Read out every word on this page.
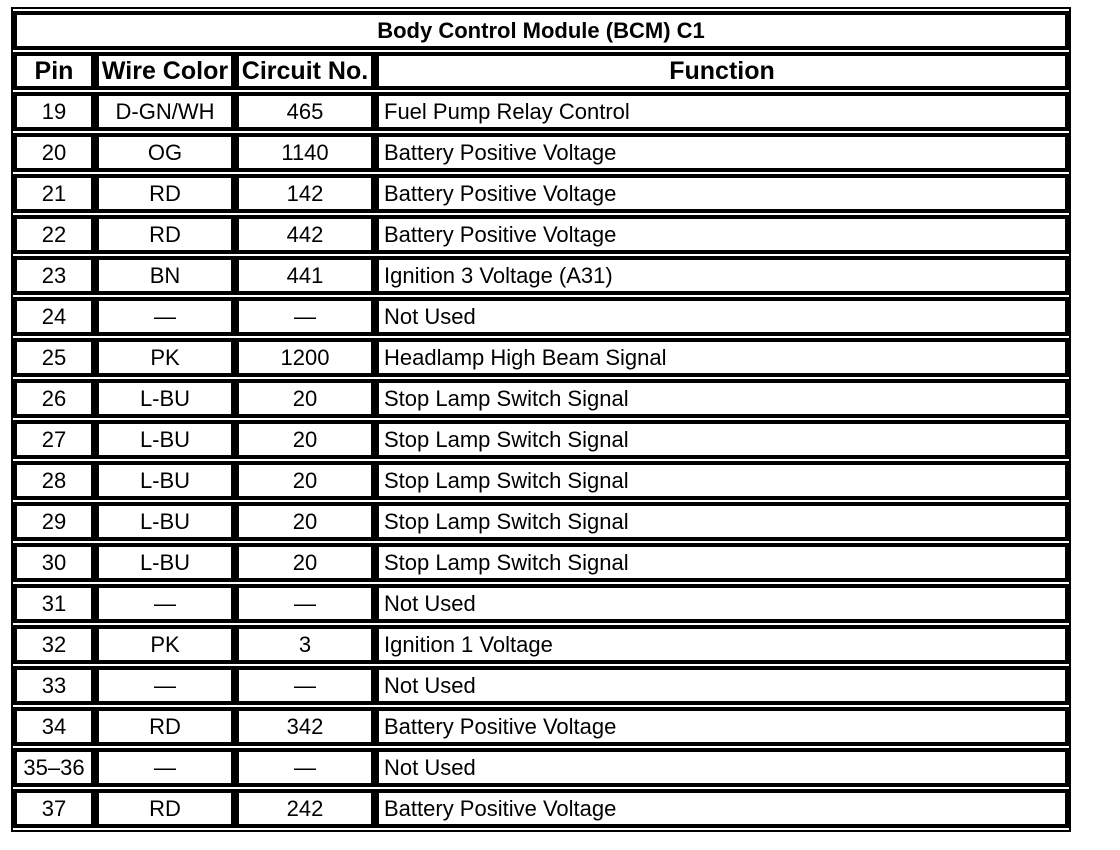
Body Control Module (BCM) C1			
Pin	Wire Color	Circuit No.	Function
19	D-GN/WH	465	Fuel Pump Relay Control
20	OG	1140	Battery Positive Voltage
21	RD	142	Battery Positive Voltage
22	RD	442	Battery Positive Voltage
23	BN	441	Ignition 3 Voltage (A31)
24	—	—	Not Used
25	PK	1200	Headlamp High Beam Signal
26	L-BU	20	Stop Lamp Switch Signal
27	L-BU	20	Stop Lamp Switch Signal
28	L-BU	20	Stop Lamp Switch Signal
29	L-BU	20	Stop Lamp Switch Signal
30	L-BU	20	Stop Lamp Switch Signal
31	—	—	Not Used
32	PK	3	Ignition 1 Voltage
33	—	—	Not Used
34	RD	342	Battery Positive Voltage
35–36	—	—	Not Used
37	RD	242	Battery Positive Voltage
